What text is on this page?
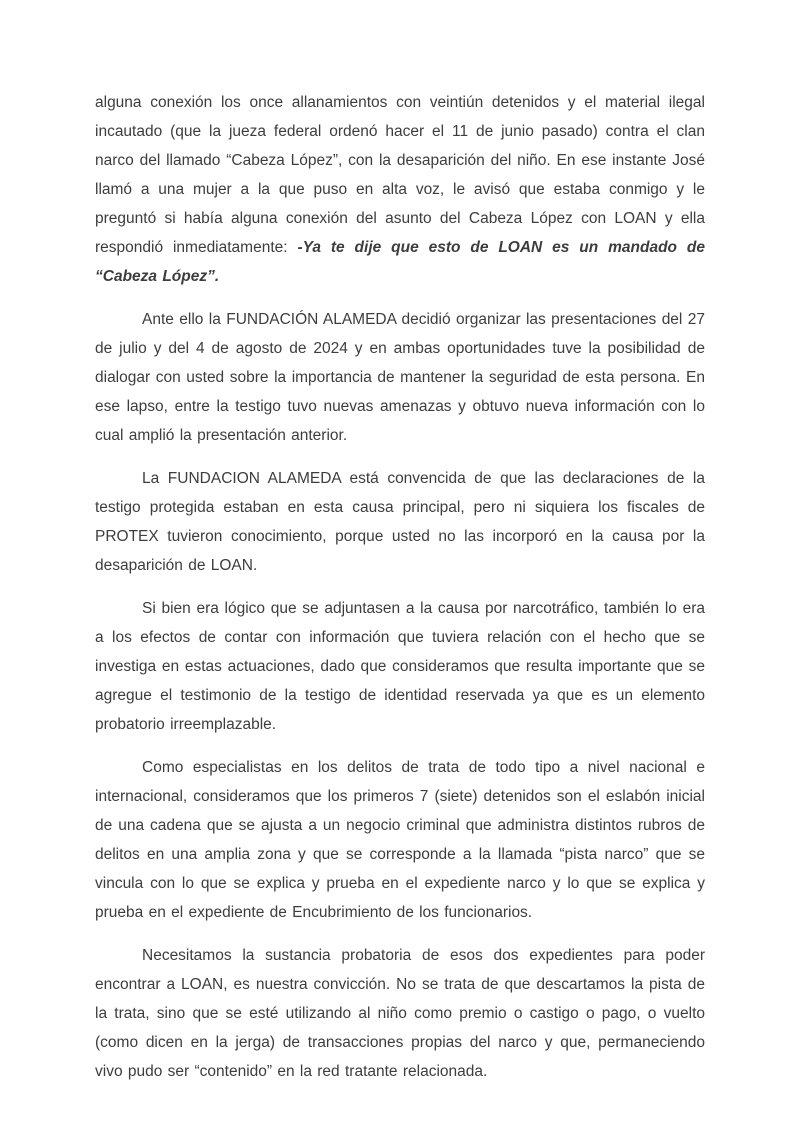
alguna conexión los once allanamientos con veintiún detenidos y el material ilegal incautado (que la jueza federal ordenó hacer el 11 de junio pasado) contra el clan narco del llamado “Cabeza López”, con la desaparición del niño. En ese instante José llamó a una mujer a la que puso en alta voz, le avisó que estaba conmigo y le preguntó si había alguna conexión del asunto del Cabeza López con LOAN y ella respondió inmediatamente: -Ya te dije que esto de LOAN es un mandado de “Cabeza López”.

Ante ello la FUNDACIÓN ALAMEDA decidió organizar las presentaciones del 27 de julio y del 4 de agosto de 2024 y en ambas oportunidades tuve la posibilidad de dialogar con usted sobre la importancia de mantener la seguridad de esta persona. En ese lapso, entre la testigo tuvo nuevas amenazas y obtuvo nueva información con lo cual amplió la presentación anterior.

La FUNDACION ALAMEDA está convencida de que las declaraciones de la testigo protegida estaban en esta causa principal, pero ni siquiera los fiscales de PROTEX tuvieron conocimiento, porque usted no las incorporó en la causa por la desaparición de LOAN.

Si bien era lógico que se adjuntasen a la causa por narcotráfico, también lo era a los efectos de contar con información que tuviera relación con el hecho que se investiga en estas actuaciones, dado que consideramos que resulta importante que se agregue el testimonio de la testigo de identidad reservada ya que es un elemento probatorio irreemplazable.

Como especialistas en los delitos de trata de todo tipo a nivel nacional e internacional, consideramos que los primeros 7 (siete) detenidos son el eslabón inicial de una cadena que se ajusta a un negocio criminal que administra distintos rubros de delitos en una amplia zona y que se corresponde a la llamada “pista narco” que se vincula con lo que se explica y prueba en el expediente narco y lo que se explica y prueba en el expediente de Encubrimiento de los funcionarios.

Necesitamos la sustancia probatoria de esos dos expedientes para poder encontrar a LOAN, es nuestra convicción. No se trata de que descartamos la pista de la trata, sino que se esté utilizando al niño como premio o castigo o pago, o vuelto (como dicen en la jerga) de transacciones propias del narco y que, permaneciendo vivo pudo ser “contenido” en la red tratante relacionada.
